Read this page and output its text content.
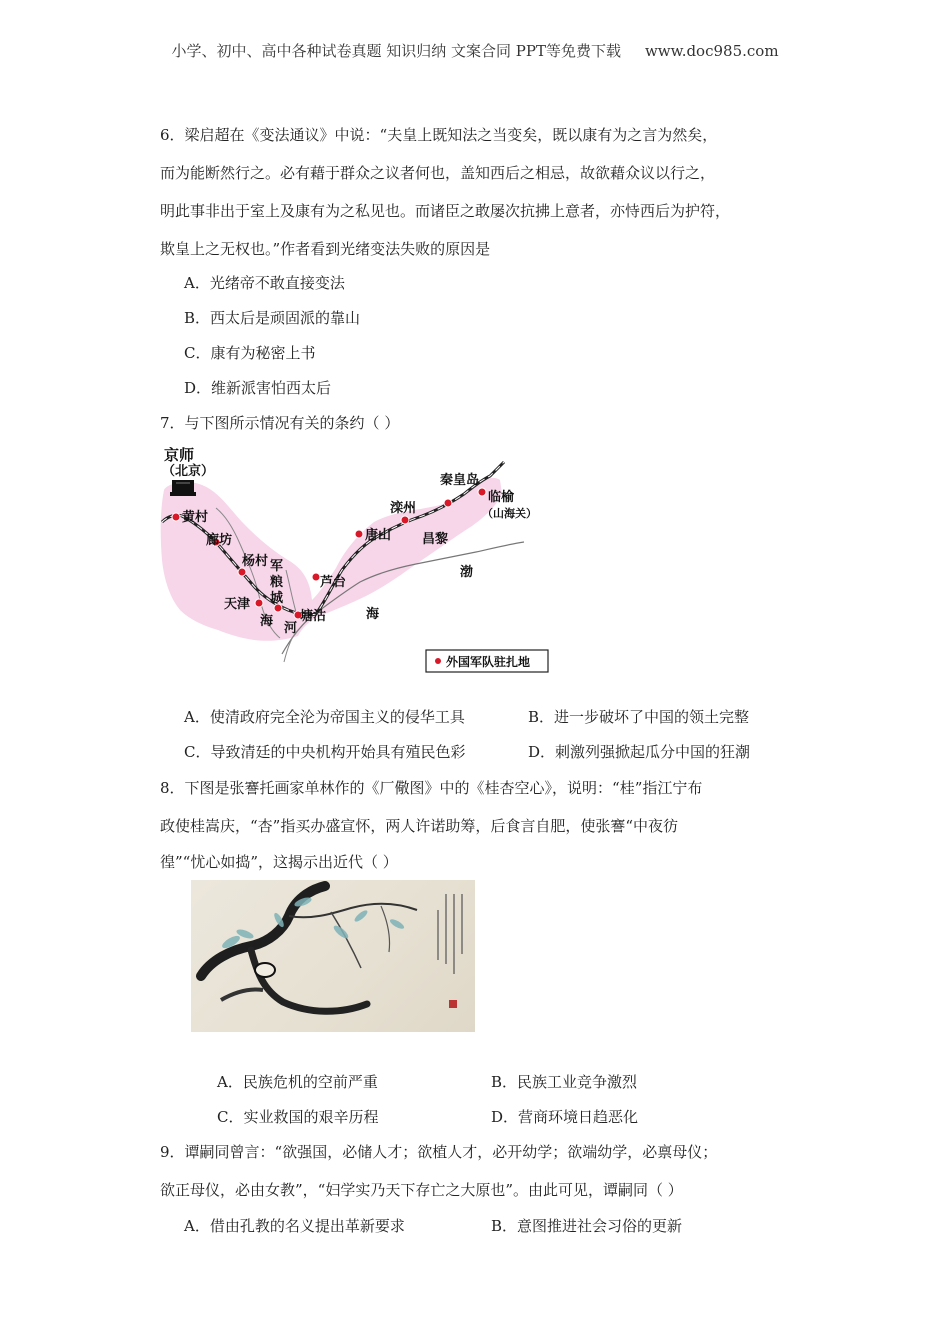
小学、初中、高中各种试卷真题 知识归纳 文案合同 PPT等免费下载 www.doc985.com
6．梁启超在《变法通议》中说：“夫皇上既知法之当变矣，既以康有为之言为然矣，
而为能断然行之。必有藉于群众之议者何也，盖知西后之相忌，故欲藉众议以行之，
明此事非出于室上及康有为之私见也。而诸臣之敢屡次抗拂上意者，亦恃西后为护符，
欺皇上之无权也。”作者看到光绪变法失败的原因是
A．光绪帝不敢直接变法
B．西太后是顽固派的靠山
C．康有为秘密上书
D．维新派害怕西太后
7．与下图所示情况有关的条约（ ）
京师
（北京）
黄村
廊坊
杨村 军
粮
城
天津
海 河
塘沽
芦台
唐山
滦州
昌黎
秦皇岛
临榆
（山海关）
渤
海
外国军队驻扎地
A．使清政府完全沦为帝国主义的侵华工具	B．进一步破坏了中国的领土完整
C．导致清廷的中央机构开始具有殖民色彩	D．刺激列强掀起瓜分中国的狂潮
8．下图是张謇托画家单林作的《厂儆图》中的《桂杏空心》，说明：“桂”指江宁布
政使桂嵩庆，“杏”指买办盛宣怀，两人许诺助筹，后食言自肥，使张謇“中夜彷
徨”“忧心如捣”，这揭示出近代（ ）
A．民族危机的空前严重	B．民族工业竞争激烈
C．实业救国的艰辛历程	D．营商环境日趋恶化
9．谭嗣同曾言：“欲强国，必储人才；欲植人才，必开幼学；欲端幼学，必禀母仪；
欲正母仪，必由女教”，“妇学实乃天下存亡之大原也”。由此可见，谭嗣同（ ）
A．借由孔教的名义提出革新要求	B．意图推进社会习俗的更新
